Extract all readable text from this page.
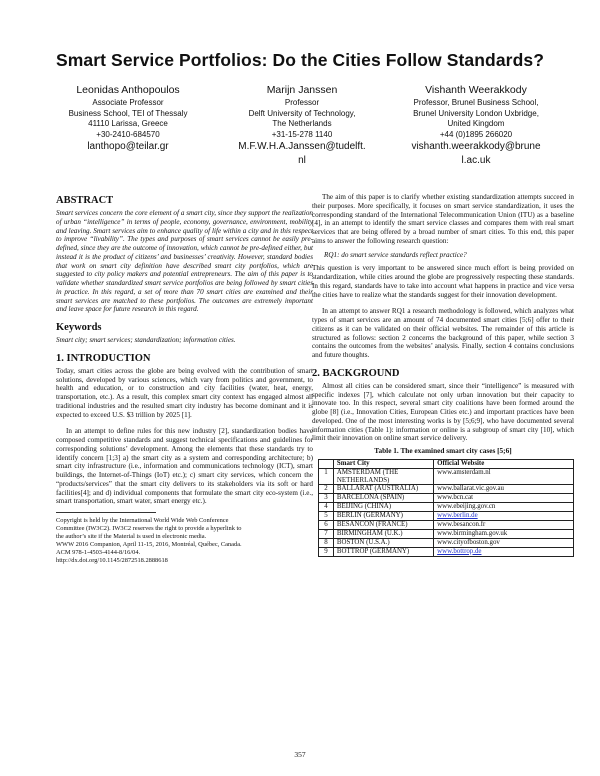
Smart Service Portfolios: Do the Cities Follow Standards?
Leonidas Anthopoulos
Associate Professor
Business School, TEI of Thessaly
41110 Larissa, Greece
+30-2410-684570
lanthopo@teilar.gr
Marijn Janssen
Professor
Delft University of Technology,
The Netherlands
+31-15-278 1140
M.F.W.H.A.Janssen@tudelft.
nl
Vishanth Weerakkody
Professor, Brunel Business School,
Brunel University London Uxbridge,
United Kingdom
+44 (0)1895 266020
vishanth.weerakkody@brune
l.ac.uk
ABSTRACT

Smart services concern the core element of a smart city, since they support the realization of urban “intelligence” in terms of people, economy, governance, environment, mobility and leaving. Smart services aim to enhance quality of life within a city and in this respect to improve “livability”. The types and purposes of smart services cannot be easily pre-defined, since they are the outcome of innovation, which cannot be pre-defined either, but instead it is the product of citizens’ and businesses’ creativity. However, standard bodies that work on smart city definition have described smart city portfolios, which are suggested to city policy makers and potential entrepreneurs. The aim of this paper is to validate whether standardized smart service portfolios are being followed by smart cities in practice. In this regard, a set of more than 70 smart cities are examined and their smart services are matched to these portfolios. The outcomes are extremely important and leave space for future research in this regard.

Keywords

Smart city; smart services; standardization; information cities.

1. INTRODUCTION

Today, smart cities across the globe are being evolved with the contribution of smart solutions, developed by various sciences, which vary from politics and government, to health and education, or to construction and city facilities (water, heat, energy, transportation, etc.). As a result, this complex smart city context has engaged almost all traditional industries and the resulted smart city industry has become dominant and it is expected to exceed U.S. $3 trillion by 2025 [1].

In an attempt to define rules for this new industry [2], standardization bodies have composed competitive standards and suggest technical specifications and guidelines for corresponding solutions’ development. Among the elements that these standards try to identify concern [1;3] a) the smart city as a system and corresponding architecture; b) smart city infrastructure (i.e., information and communications technology (ICT), smart buildings, the Internet-of-Things (IoT) etc.); c) smart city services, which concern the “products/services” that the smart city delivers to its stakeholders via its soft or hard facilities[4]; and d) individual components that formulate the smart city eco-system (i.e., smart transportation, smart water, smart energy etc.).

Copyright is held by the International World Wide Web Conference
Committee (IW3C2). IW3C2 reserves the right to provide a hyperlink to
the author’s site if the Material is used in electronic media.
WWW 2016 Companion, April 11-15, 2016, Montréal, Québec, Canada.
ACM 978-1-4503-4144-8/16/04.
http://dx.doi.org/10.1145/2872518.2888618

The aim of this paper is to clarify whether existing standardization attempts succeed in their purposes. More specifically, it focuses on smart service standardization, it uses the corresponding standard of the International Telecommunication Union (ITU) as a baseline [4], in an attempt to identify the smart service classes and compares them with real smart services that are being offered by a broad number of smart cities. To this end, this paper aims to answer the following research question:

RQ1: do smart service standards reflect practice?

This question is very important to be answered since much effort is being provided on standardization, while cities around the globe are progressively respecting these standards. In this regard, standards have to take into account what happens in practice and vice versa the cities have to realize what the standards suggest for their innovation development.

In an attempt to answer RQ1 a research methodology is followed, which analyzes what types of smart services are an amount of 74 documented smart cities [5;6] offer to their citizens as it can be validated on their official websites. The remainder of this article is structured as follows: section 2 concerns the background of this paper, while section 3 contains the outcomes from the websites’ analysis. Finally, section 4 contains conclusions and future thoughts.

2. BACKGROUND

Almost all cities can be considered smart, since their “intelligence” is measured with specific indexes [7], which calculate not only urban innovation but their capacity to innovate too. In this respect, several smart city coalitions have been formed around the globe [8] (i.e., Innovation Cities, European Cities etc.) and important practices have been developed. One of the most interesting works is by [5;6;9], who have documented several information cities (Table 1): information or online is a subgroup of smart city [10], which limit their innovation on online smart service delivery.

Table 1. The examined smart city cases [5;6]
	Smart City	Official Website
1	AMSTERDAM (THE NETHERLANDS)	www.amsterdam.nl
2	BALLARAT (AUSTRALIA)	www.ballarat.vic.gov.au
3	BARCELONA (SPAIN)	www.bcn.cat
4	BEIJING (CHINA)	www.ebeijing.gov.cn
5	BERLIN (GERMANY)	www.berlin.de
6	BESANCON (FRANCE)	www.besancon.fr
7	BIRMINGHAM (U.K.)	www.birmingham.gov.uk
8	BOSTON (U.S.A.)	www.cityofboston.gov
9	BOTTROP (GERMANY)	www.bottrop.de
357
